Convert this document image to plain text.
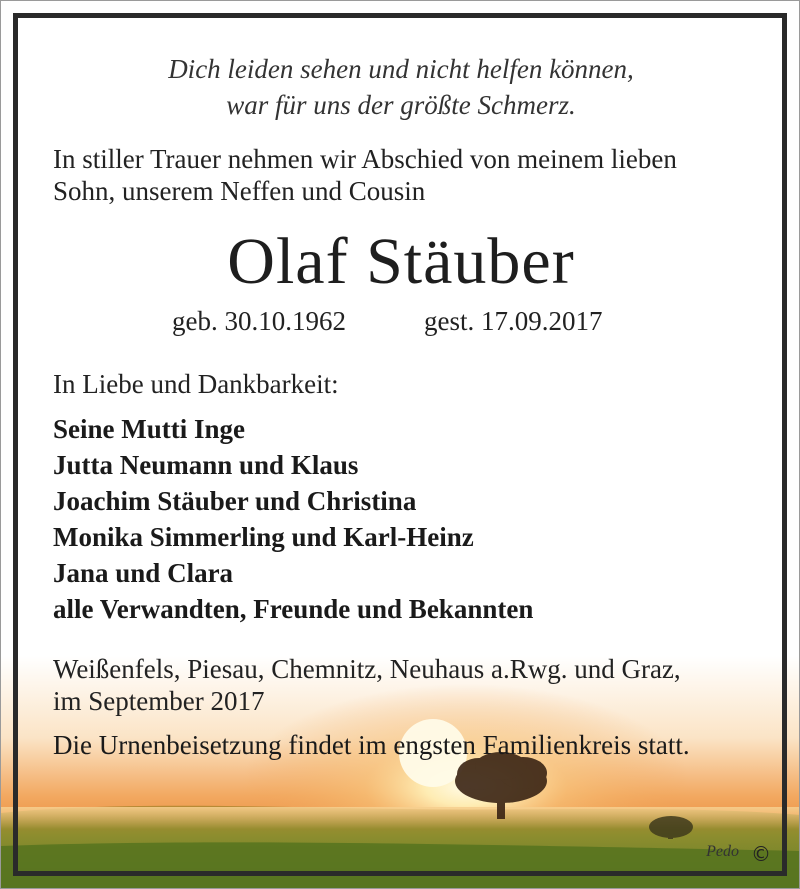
Dich leiden sehen und nicht helfen können,
war für uns der größte Schmerz.
In stiller Trauer nehmen wir Abschied von meinem lieben
Sohn, unserem Neffen und Cousin
Olaf Stäuber
geb. 30.10.1962	gest. 17.09.2017
In Liebe und Dankbarkeit:
Seine Mutti Inge
Jutta Neumann und Klaus
Joachim Stäuber und Christina
Monika Simmerling und Karl-Heinz
Jana und Clara
alle Verwandten, Freunde und Bekannten
Weißenfels, Piesau, Chemnitz, Neuhaus a.Rwg. und Graz,
im September 2017
Die Urnenbeisetzung findet im engsten Familienkreis statt.
Pedo ©
